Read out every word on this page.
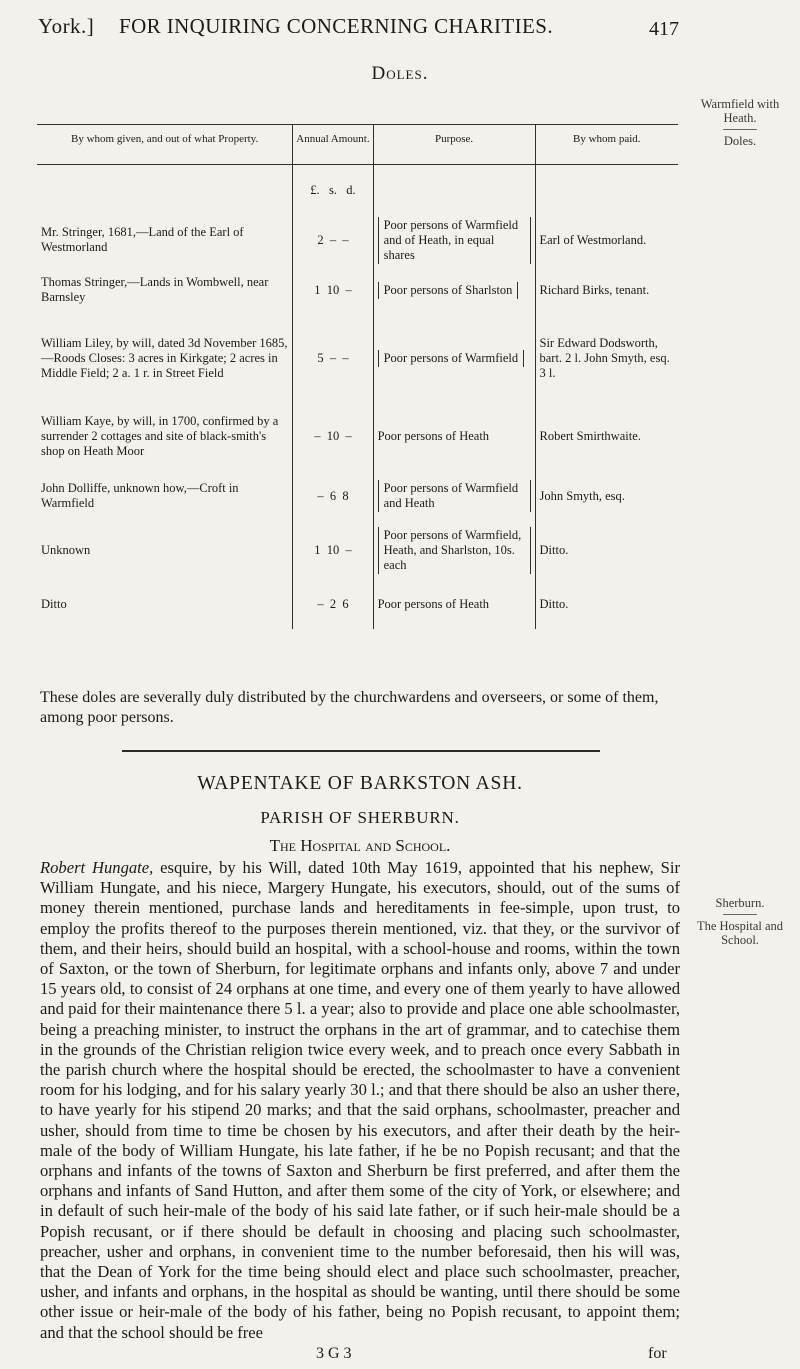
York.] FOR INQUIRING CONCERNING CHARITIES.	417
Doles.
Warmfield with Heath.
Doles.
By whom given, and out of what Property.	Annual Amount.	Purpose.	By whom paid.
	£.   s.   d.		
Mr. Stringer, 1681,—Land of the Earl of Westmorland	2  –  –	Poor persons of Warmfield and of Heath, in equal shares	Earl of Westmorland.
Thomas Stringer,—Lands in Wombwell, near Barnsley	1  10  –	Poor persons of Sharlston	Richard Birks, tenant.
William Liley, by will, dated 3d November 1685,—Roods Closes: 3 acres in Kirkgate; 2 acres in Middle Field; 2 a. 1 r. in Street Field	5  –  –	Poor persons of Warmfield	Sir Edward Dodsworth, bart. 2 l. John Smyth, esq. 3 l.
William Kaye, by will, in 1700, confirmed by a surrender 2 cottages and site of black-smith's shop on Heath Moor	–  10  –	Poor persons of Heath	Robert Smirthwaite.
John Dolliffe, unknown how,—Croft in Warmfield	–  6  8	Poor persons of Warmfield and Heath	John Smyth, esq.
Unknown	1  10  –	Poor persons of Warmfield, Heath, and Sharlston, 10s. each	Ditto.
Ditto	–  2  6	Poor persons of Heath	Ditto.
These doles are severally duly distributed by the churchwardens and overseers, or some of them, among poor persons.
WAPENTAKE OF BARKSTON ASH.
PARISH OF SHERBURN.
The Hospital and School.
Sherburn.
The Hospital and School.
Robert Hungate, esquire, by his Will, dated 10th May 1619, appointed that his nephew, Sir William Hungate, and his niece, Margery Hungate, his executors, should, out of the sums of money therein mentioned, purchase lands and hereditaments in fee-simple, upon trust, to employ the profits thereof to the purposes therein mentioned, viz. that they, or the survivor of them, and their heirs, should build an hospital, with a school-house and rooms, within the town of Saxton, or the town of Sherburn, for legitimate orphans and infants only, above 7 and under 15 years old, to consist of 24 orphans at one time, and every one of them yearly to have allowed and paid for their maintenance there 5 l. a year; also to provide and place one able schoolmaster, being a preaching minister, to instruct the orphans in the art of grammar, and to catechise them in the grounds of the Christian religion twice every week, and to preach once every Sabbath in the parish church where the hospital should be erected, the schoolmaster to have a convenient room for his lodging, and for his salary yearly 30 l.; and that there should be also an usher there, to have yearly for his stipend 20 marks; and that the said orphans, schoolmaster, preacher and usher, should from time to time be chosen by his executors, and after their death by the heir-male of the body of William Hungate, his late father, if he be no Popish recusant; and that the orphans and infants of the towns of Saxton and Sherburn be first preferred, and after them the orphans and infants of Sand Hutton, and after them some of the city of York, or elsewhere; and in default of such heir-male of the body of his said late father, or if such heir-male should be a Popish recusant, or if there should be default in choosing and placing such schoolmaster, preacher, usher and orphans, in convenient time to the number beforesaid, then his will was, that the Dean of York for the time being should elect and place such schoolmaster, preacher, usher, and infants and orphans, in the hospital as should be wanting, until there should be some other issue or heir-male of the body of his father, being no Popish recusant, to appoint them; and that the school should be free
3 G 3	for
